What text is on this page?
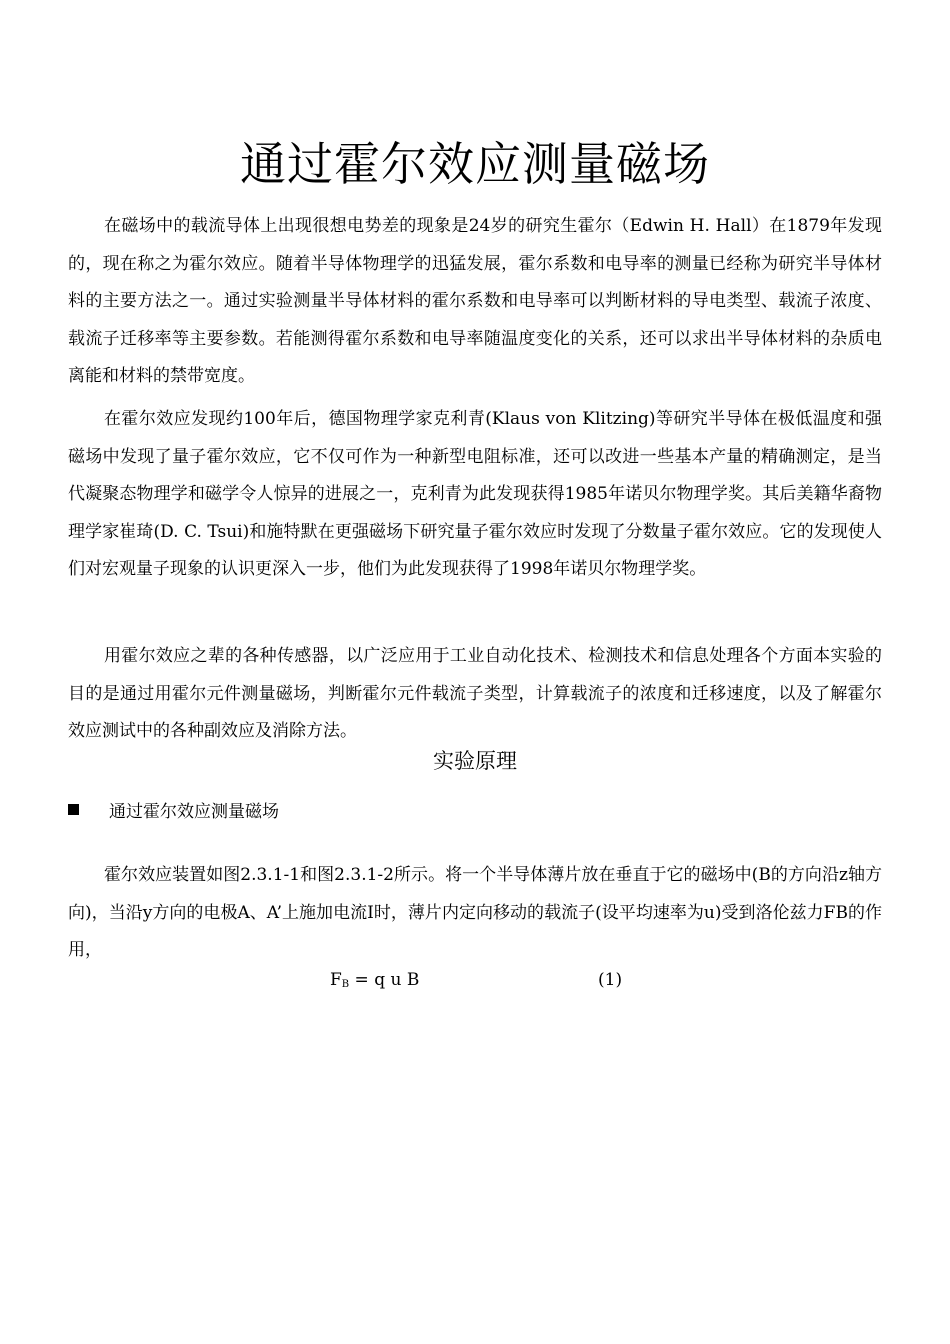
通过霍尔效应测量磁场

在磁场中的载流导体上出现很想电势差的现象是24岁的研究生霍尔（Edwin H. Hall）在1879年发现的，现在称之为霍尔效应。随着半导体物理学的迅猛发展，霍尔系数和电导率的测量已经称为研究半导体材料的主要方法之一。通过实验测量半导体材料的霍尔系数和电导率可以判断材料的导电类型、载流子浓度、载流子迁移率等主要参数。若能测得霍尔系数和电导率随温度变化的关系，还可以求出半导体材料的杂质电离能和材料的禁带宽度。

在霍尔效应发现约100年后，德国物理学家克利青(Klaus von Klitzing)等研究半导体在极低温度和强磁场中发现了量子霍尔效应，它不仅可作为一种新型电阻标准，还可以改进一些基本产量的精确测定，是当代凝聚态物理学和磁学令人惊异的进展之一，克利青为此发现获得1985年诺贝尔物理学奖。其后美籍华裔物理学家崔琦(D. C. Tsui)和施特默在更强磁场下研究量子霍尔效应时发现了分数量子霍尔效应。它的发现使人们对宏观量子现象的认识更深入一步，他们为此发现获得了1998年诺贝尔物理学奖。

用霍尔效应之辈的各种传感器，以广泛应用于工业自动化技术、检测技术和信息处理各个方面本实验的目的是通过用霍尔元件测量磁场，判断霍尔元件载流子类型，计算载流子的浓度和迁移速度，以及了解霍尔效应测试中的各种副效应及消除方法。

实验原理
通过霍尔效应测量磁场

霍尔效应装置如图2.3.1-1和图2.3.1-2所示。将一个半导体薄片放在垂直于它的磁场中(B的方向沿z轴方向)，当沿y方向的电极A、A’上施加电流I时，薄片内定向移动的载流子(设平均速率为u)受到洛伦兹力FB的作用，

$F_B = q$ u B	(1)
